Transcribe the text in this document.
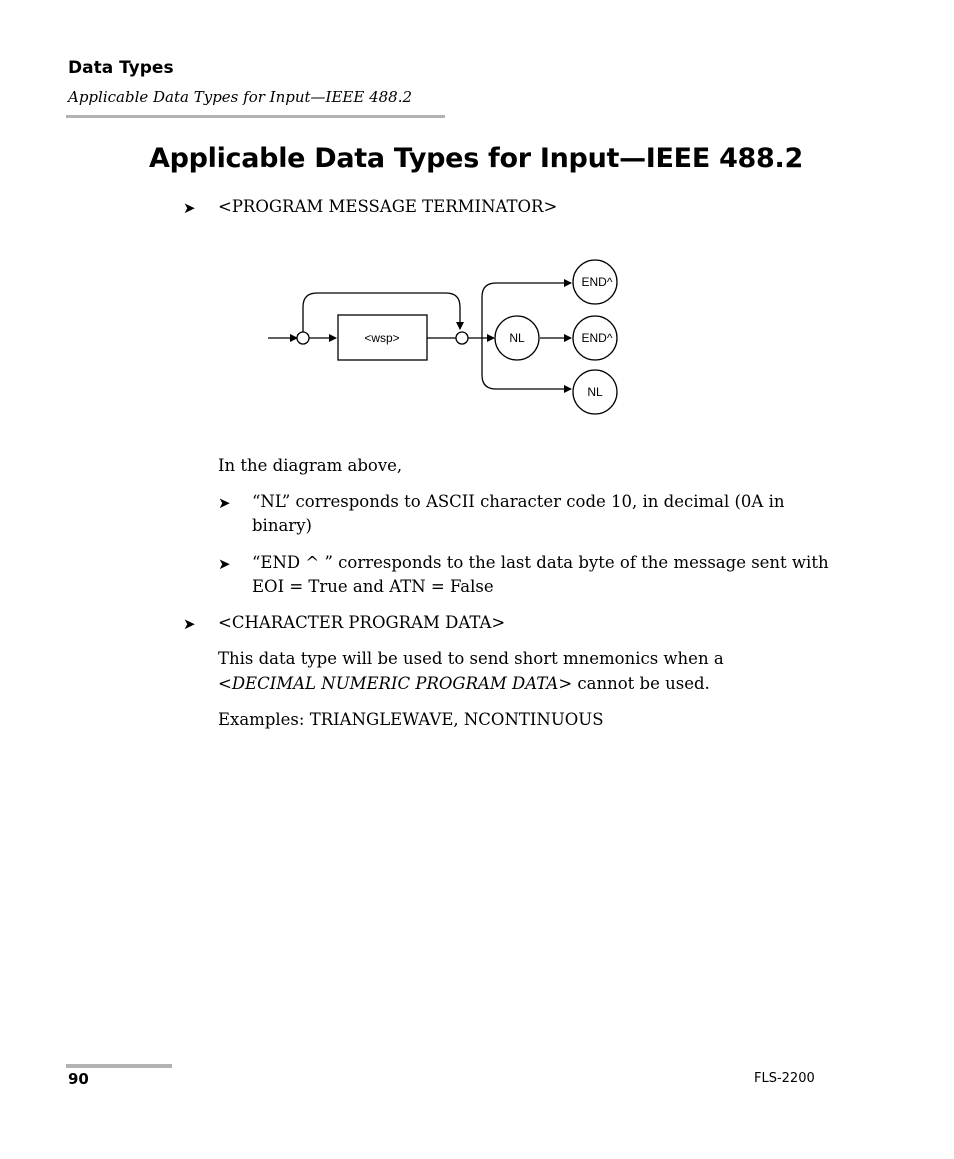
Data Types
Applicable Data Types for Input—IEEE 488.2
Applicable Data Types for Input—IEEE 488.2
➤ <PROGRAM MESSAGE TERMINATOR>
<wsp>	NL
END^
END^
NL
In the diagram above,
➤ “NL” corresponds to ASCII character code 10, in decimal (0A in
binary)
➤ “END ^ ” corresponds to the last data byte of the message sent with
EOI = True and ATN = False
➤ <CHARACTER PROGRAM DATA>
This data type will be used to send short mnemonics when a
<DECIMAL NUMERIC PROGRAM DATA> cannot be used.
Examples: TRIANGLEWAVE, NCONTINUOUS
90	FLS-2200
